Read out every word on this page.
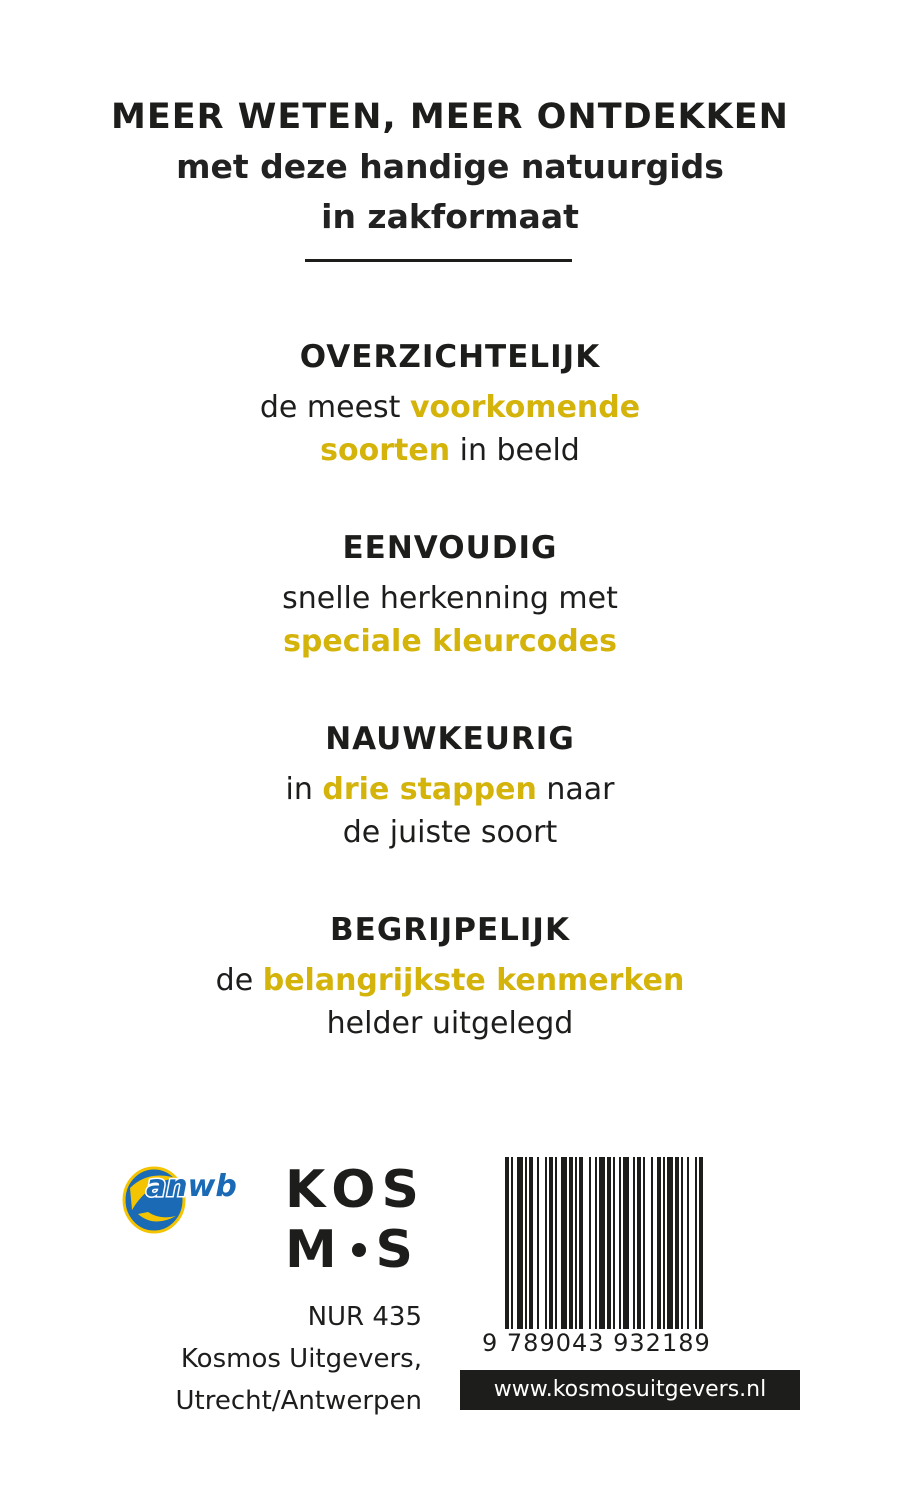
MEER WETEN, MEER ONTDEKKEN
met deze handige natuurgids
in zakformaat
OVERZICHTELIJK
de meest voorkomende
soorten in beeld
EENVOUDIG
snelle herkenning met
speciale kleurcodes
NAUWKEURIG
in drie stappen naar
de juiste soort
BEGRIJPELIJK
de belangrijkste kenmerken
helder uitgelegd
anwb K O S
M S
NUR 435
Kosmos Uitgevers,
Utrecht/Antwerpen
9 789043 932189
www.kosmosuitgevers.nl
